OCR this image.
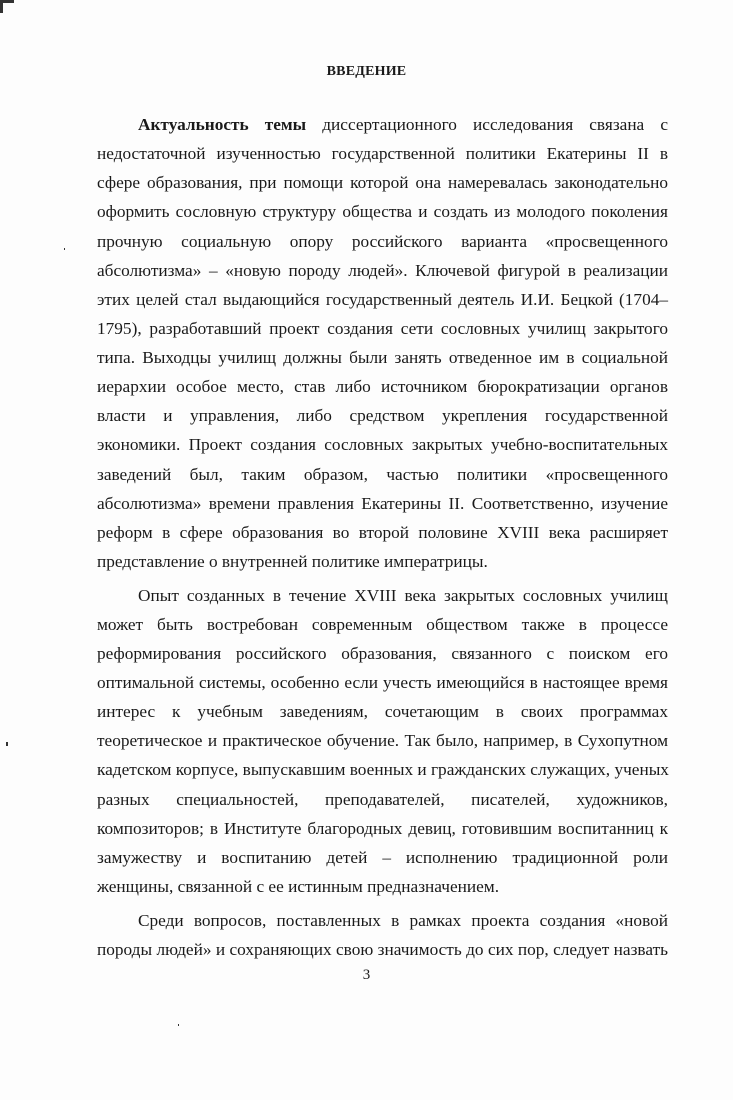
ВВЕДЕНИЕ
Актуальность темы диссертационного исследования связана с
недостаточной изученностью государственной политики Екатерины II в
сфере образования, при помощи которой она намеревалась законодательно
оформить сословную структуру общества и создать из молодого поколения
прочную социальную опору российского варианта «просвещенного
абсолютизма» – «новую породу людей». Ключевой фигурой в реализации
этих целей стал выдающийся государственный деятель И.И. Бецкой (1704–
1795), разработавший проект создания сети сословных училищ закрытого
типа. Выходцы училищ должны были занять отведенное им в социальной
иерархии особое место, став либо источником бюрократизации органов
власти и управления, либо средством укрепления государственной
экономики. Проект создания сословных закрытых учебно-воспитательных
заведений был, таким образом, частью политики «просвещенного
абсолютизма» времени правления Екатерины II. Соответственно, изучение
реформ в сфере образования во второй половине XVIII века расширяет
представление о внутренней политике императрицы.
Опыт созданных в течение XVIII века закрытых сословных училищ
может быть востребован современным обществом также в процессе
реформирования российского образования, связанного с поиском его
оптимальной системы, особенно если учесть имеющийся в настоящее время
интерес к учебным заведениям, сочетающим в своих программах
теоретическое и практическое обучение. Так было, например, в Сухопутном
кадетском корпусе, выпускавшим военных и гражданских служащих, ученых
разных специальностей, преподавателей, писателей, художников,
композиторов; в Институте благородных девиц, готовившим воспитанниц к
замужеству и воспитанию детей – исполнению традиционной роли
женщины, связанной с ее истинным предназначением.
Среди вопросов, поставленных в рамках проекта создания «новой
породы людей» и сохраняющих свою значимость до сих пор, следует назвать
3
